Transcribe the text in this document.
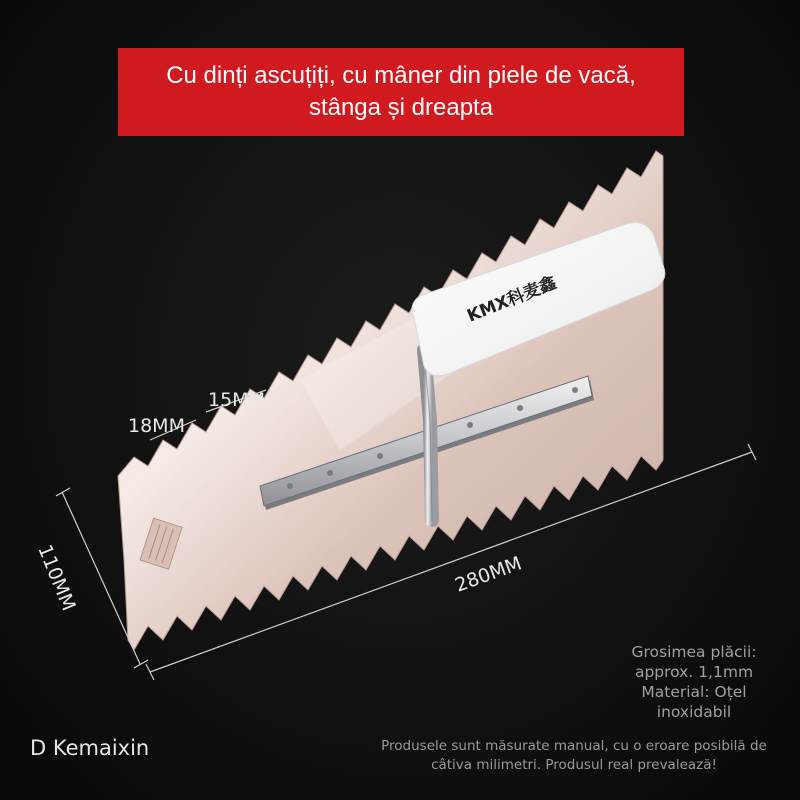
Cu dinți ascuțiți, cu mâner din piele de vacă,
stânga și dreapta
KMX科麦鑫
18MM
15MM
110MM	280MM
Grosimea plăcii:
approx. 1,1mm
Material: Oțel
inoxidabil
D Kemaixin	Produsele sunt măsurate manual, cu o eroare posibilă de
câtiva milimetri. Produsul real prevalează!
